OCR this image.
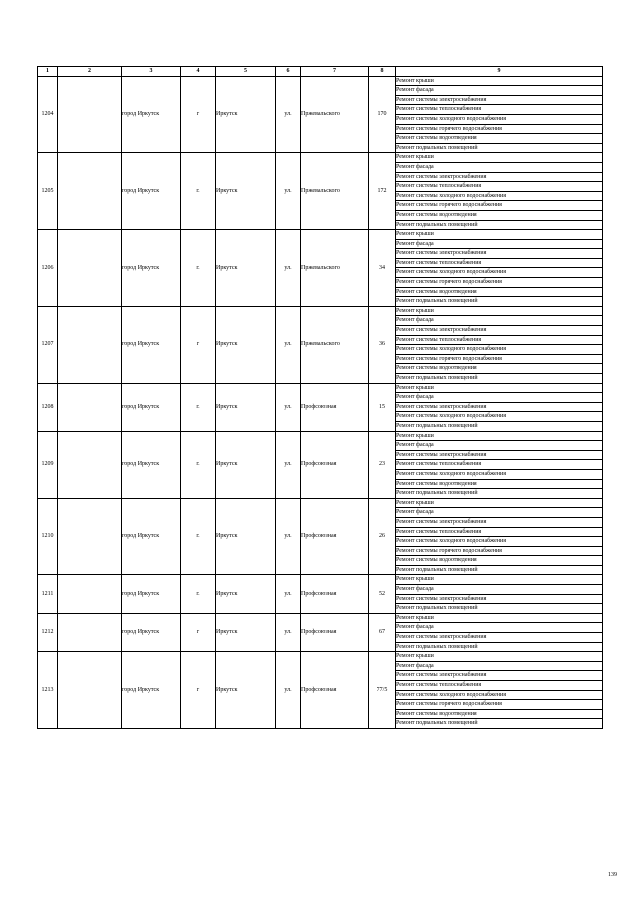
1	2	3	4	5	6	7	8	9
1204		город Иркутск	г	Иркутск	ул.	Пржевальского	170	Ремонт крыши
								Ремонт фасада
								Ремонт системы электроснабжения
								Ремонт системы теплоснабжения
								Ремонт системы холодного водоснабжения
								Ремонт системы горячего водоснабжения
								Ремонт системы водоотведения
								Ремонт подвальных помещений
1205		город Иркутск	г.	Иркутск	ул.	Пржевальского	172	Ремонт крыши
								Ремонт фасада
								Ремонт системы электроснабжения
								Ремонт системы теплоснабжения
								Ремонт системы холодного водоснабжения
								Ремонт системы горячего водоснабжения
								Ремонт системы водоотведения
								Ремонт подвальных помещений
1206		город Иркутск	г.	Иркутск	ул.	Пржевальского	34	Ремонт крыши
								Ремонт фасада
								Ремонт системы электроснабжения
								Ремонт системы теплоснабжения
								Ремонт системы холодного водоснабжения
								Ремонт системы горячего водоснабжения
								Ремонт системы водоотведения
								Ремонт подвальных помещений
1207		город Иркутск	г	Иркутск	ул.	Пржевальского	36	Ремонт крыши
								Ремонт фасада
								Ремонт системы электроснабжения
								Ремонт системы теплоснабжения
								Ремонт системы холодного водоснабжения
								Ремонт системы горячего водоснабжения
								Ремонт системы водоотведения
								Ремонт подвальных помещений
1208		город Иркутск	г.	Иркутск	ул.	Профсоюзная	15	Ремонт крыши
								Ремонт фасада
								Ремонт системы электроснабжения
								Ремонт системы холодного водоснабжения
								Ремонт подвальных помещений
1209		город Иркутск	г.	Иркутск	ул.	Профсоюзная	23	Ремонт крыши
								Ремонт фасада
								Ремонт системы электроснабжения
								Ремонт системы теплоснабжения
								Ремонт системы холодного водоснабжения
								Ремонт системы водоотведения
								Ремонт подвальных помещений
1210		город Иркутск	г.	Иркутск	ул.	Профсоюзная	26	Ремонт крыши
								Ремонт фасада
								Ремонт системы электроснабжения
								Ремонт системы теплоснабжения
								Ремонт системы холодного водоснабжения
								Ремонт системы горячего водоснабжения
								Ремонт системы водоотведения
								Ремонт подвальных помещений
1211		город Иркутск	г.	Иркутск	ул.	Профсоюзная	52	Ремонт крыши
								Ремонт фасада
								Ремонт системы электроснабжения
								Ремонт подвальных помещений
1212		город Иркутск	г	Иркутск	ул.	Профсоюзная	67	Ремонт крыши
								Ремонт фасада
								Ремонт системы электроснабжения
								Ремонт подвальных помещений
1213		город Иркутск	г	Иркутск	ул.	Профсоюзная	77/5	Ремонт крыши
								Ремонт фасада
								Ремонт системы электроснабжения
								Ремонт системы теплоснабжения
								Ремонт системы холодного водоснабжения
								Ремонт системы горячего водоснабжения
								Ремонт системы водоотведения
								Ремонт подвальных помещений
139
